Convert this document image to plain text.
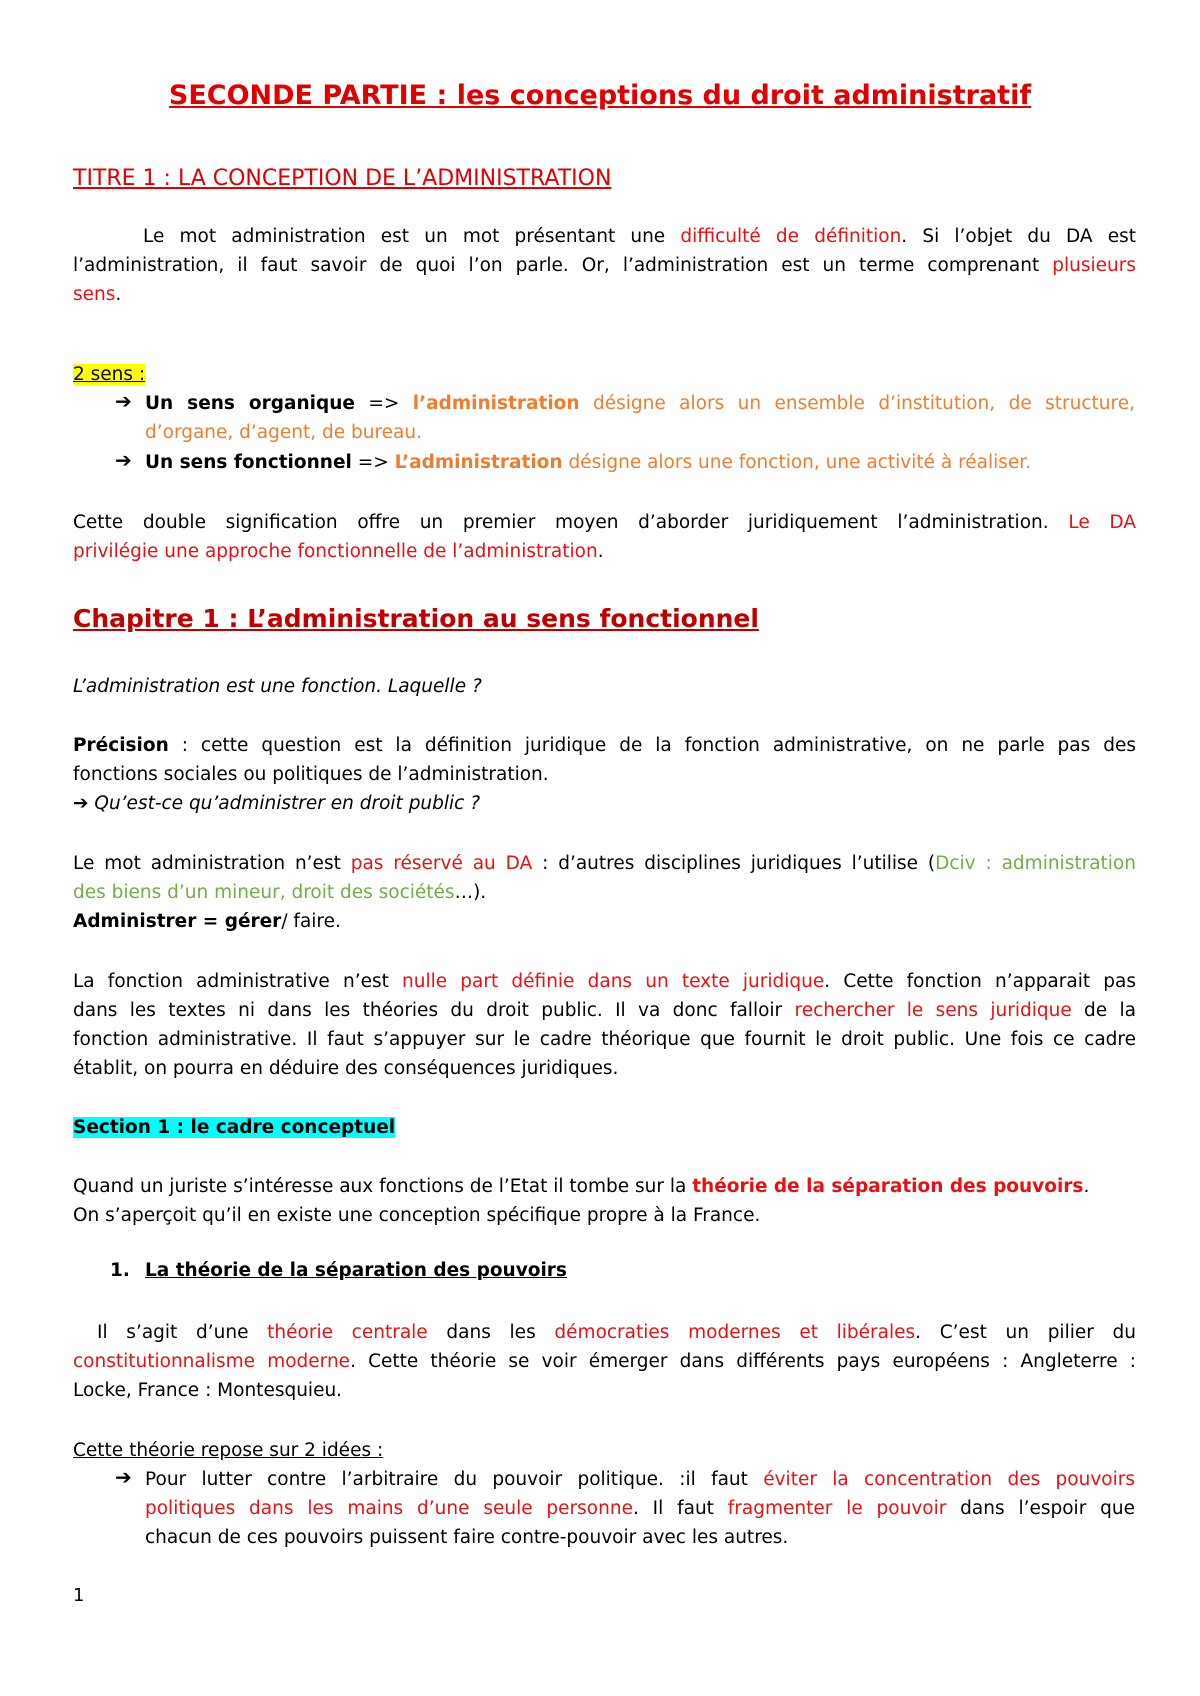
SECONDE PARTIE : les conceptions du droit administratif
TITRE 1 : LA CONCEPTION DE L’ADMINISTRATION
Le mot administration est un mot présentant une difficulté de définition. Si l’objet du DA est
l’administration, il faut savoir de quoi l’on parle. Or, l’administration est un terme comprenant plusieurs
sens.
2 sens :
➔ Un sens organique => l’administration désigne alors un ensemble d’institution, de structure,
d’organe, d’agent, de bureau.
➔ Un sens fonctionnel => L’administration désigne alors une fonction, une activité à réaliser.
Cette double signification offre un premier moyen d’aborder juridiquement l’administration. Le DA
privilégie une approche fonctionnelle de l’administration.
Chapitre 1 : L’administration au sens fonctionnel
L’administration est une fonction. Laquelle ?
Précision : cette question est la définition juridique de la fonction administrative, on ne parle pas des
fonctions sociales ou politiques de l’administration.
➔ Qu’est-ce qu’administrer en droit public ?
Le mot administration n’est pas réservé au DA : d’autres disciplines juridiques l’utilise (Dciv : administration
des biens d’un mineur, droit des sociétés…).
Administrer = gérer/ faire.
La fonction administrative n’est nulle part définie dans un texte juridique. Cette fonction n’apparait pas
dans les textes ni dans les théories du droit public. Il va donc falloir rechercher le sens juridique de la
fonction administrative. Il faut s’appuyer sur le cadre théorique que fournit le droit public. Une fois ce cadre
établit, on pourra en déduire des conséquences juridiques.
Section 1 : le cadre conceptuel
Quand un juriste s’intéresse aux fonctions de l’Etat il tombe sur la théorie de la séparation des pouvoirs.
On s’aperçoit qu’il en existe une conception spécifique propre à la France.
1. La théorie de la séparation des pouvoirs
Il s’agit d’une théorie centrale dans les démocraties modernes et libérales. C’est un pilier du
constitutionnalisme moderne. Cette théorie se voir émerger dans différents pays européens : Angleterre :
Locke, France : Montesquieu.
Cette théorie repose sur 2 idées :
➔ Pour lutter contre l’arbitraire du pouvoir politique. :il faut éviter la concentration des pouvoirs
politiques dans les mains d’une seule personne. Il faut fragmenter le pouvoir dans l’espoir que
chacun de ces pouvoirs puissent faire contre-pouvoir avec les autres.
1
